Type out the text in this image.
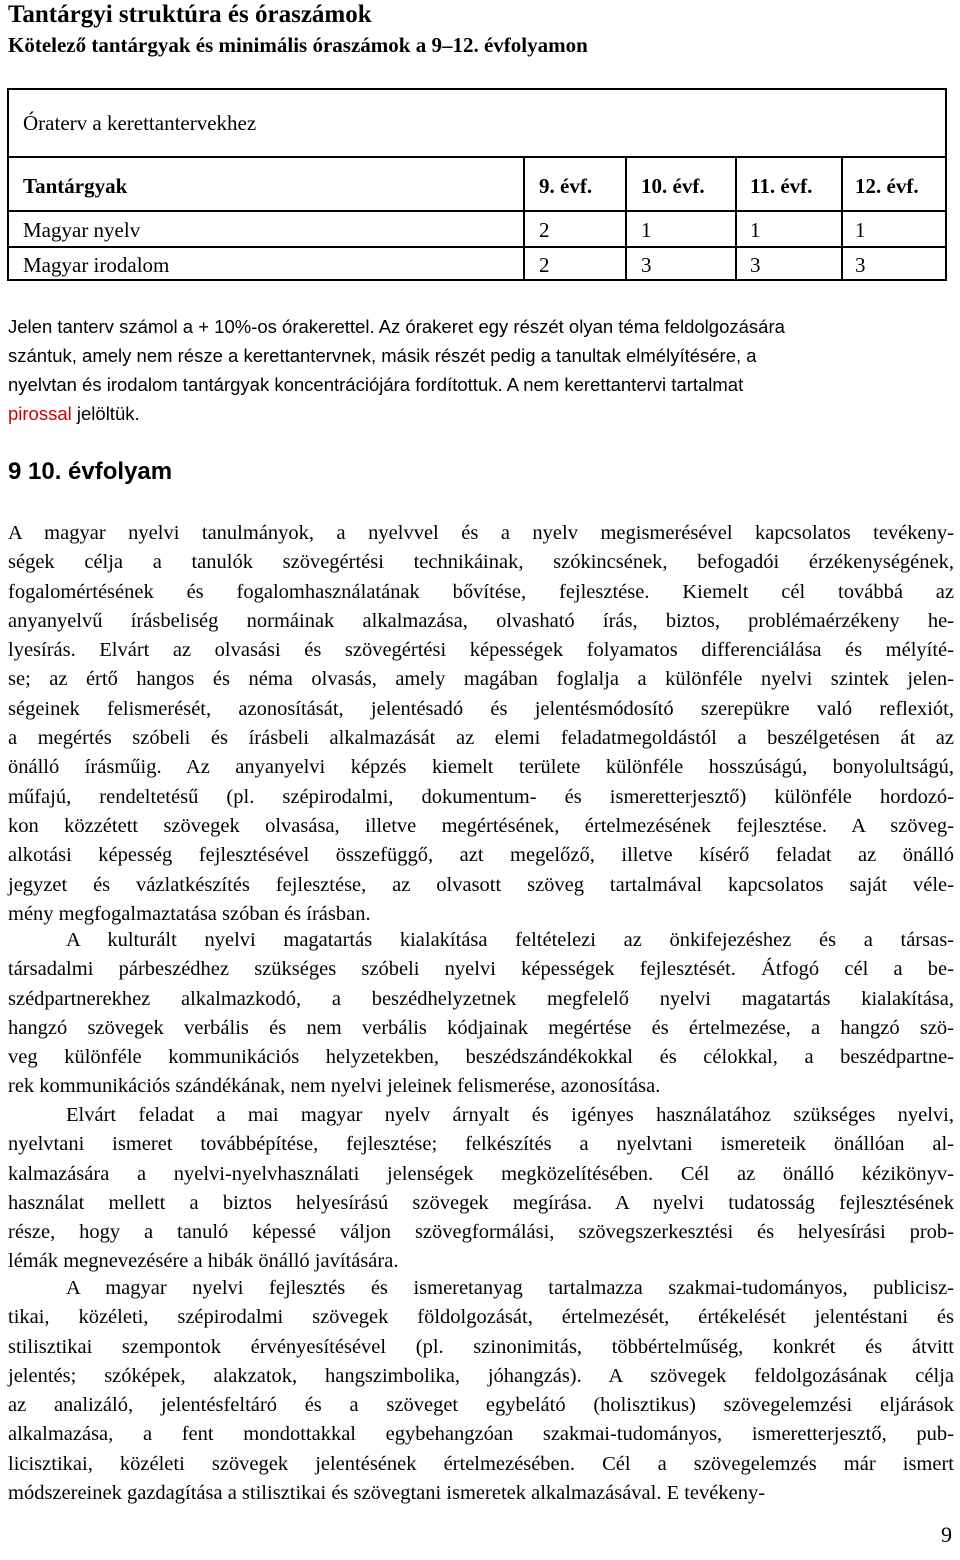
Tantárgyi struktúra és óraszámok
Kötelező tantárgyak és minimális óraszámok a 9–12. évfolyamon
Óraterv a kerettantervekhez
Tantárgyak	9. évf. 10. évf. 11. évf. 12. évf.
Magyar nyelv	2	1	1	1
Magyar irodalom	2	3	3	3
Jelen tanterv számol a + 10%-os órakerettel. Az órakeret egy részét olyan téma feldolgozására
szántuk, amely nem része a kerettantervnek, másik részét pedig a tanultak elmélyítésére, a
nyelvtan és irodalom tantárgyak koncentrációjára fordítottuk. A nem kerettantervi tartalmat
pirossal jelöltük.
9 10. évfolyam
A magyar nyelvi tanulmányok, a nyelvvel és a nyelv megismerésével kapcsolatos tevékeny-
ségek célja a tanulók szövegértési technikáinak, szókincsének, befogadói érzékenységének,
fogalomértésének és fogalomhasználatának bővítése, fejlesztése. Kiemelt cél továbbá az
anyanyelvű írásbeliség normáinak alkalmazása, olvasható írás, biztos, problémaérzékeny he-
lyesírás. Elvárt az olvasási és szövegértési képességek folyamatos differenciálása és mélyíté-
se; az értő hangos és néma olvasás, amely magában foglalja a különféle nyelvi szintek jelen-
ségeinek felismerését, azonosítását, jelentésadó és jelentésmódosító szerepükre való reflexiót,
a megértés szóbeli és írásbeli alkalmazását az elemi feladatmegoldástól a beszélgetésen át az
önálló írásműig. Az anyanyelvi képzés kiemelt területe különféle hosszúságú, bonyolultságú,
műfajú, rendeltetésű (pl. szépirodalmi, dokumentum- és ismeretterjesztő) különféle hordozó-
kon közzétett szövegek olvasása, illetve megértésének, értelmezésének fejlesztése. A szöveg-
alkotási képesség fejlesztésével összefüggő, azt megelőző, illetve kísérő feladat az önálló
jegyzet és vázlatkészítés fejlesztése, az olvasott szöveg tartalmával kapcsolatos saját véle-
mény megfogalmaztatása szóban és írásban.
A kulturált nyelvi magatartás kialakítása feltételezi az önkifejezéshez és a társas-
társadalmi párbeszédhez szükséges szóbeli nyelvi képességek fejlesztését. Átfogó cél a be-
szédpartnerekhez alkalmazkodó, a beszédhelyzetnek megfelelő nyelvi magatartás kialakítása,
hangzó szövegek verbális és nem verbális kódjainak megértése és értelmezése, a hangzó szö-
veg különféle kommunikációs helyzetekben, beszédszándékokkal és célokkal, a beszédpartne-
rek kommunikációs szándékának, nem nyelvi jeleinek felismerése, azonosítása.
Elvárt feladat a mai magyar nyelv árnyalt és igényes használatához szükséges nyelvi,
nyelvtani ismeret továbbépítése, fejlesztése; felkészítés a nyelvtani ismereteik önállóan al-
kalmazására a nyelvi-nyelvhasználati jelenségek megközelítésében. Cél az önálló kézikönyv-
használat mellett a biztos helyesírású szövegek megírása. A nyelvi tudatosság fejlesztésének
része, hogy a tanuló képessé váljon szövegformálási, szövegszerkesztési és helyesírási prob-
lémák megnevezésére a hibák önálló javítására.
A magyar nyelvi fejlesztés és ismeretanyag tartalmazza szakmai-tudományos, publicisz-
tikai, közéleti, szépirodalmi szövegek földolgozását, értelmezését, értékelését jelentéstani és
stilisztikai szempontok érvényesítésével (pl. szinonimitás, többértelműség, konkrét és átvitt
jelentés; szóképek, alakzatok, hangszimbolika, jóhangzás). A szövegek feldolgozásának célja
az analizáló, jelentésfeltáró és a szöveget egybelátó (holisztikus) szövegelemzési eljárások
alkalmazása, a fent mondottakkal egybehangzóan szakmai-tudományos, ismeretterjesztő, pub-
licisztikai, közéleti szövegek jelentésének értelmezésében. Cél a szövegelemzés már ismert
módszereinek gazdagítása a stilisztikai és szövegtani ismeretek alkalmazásával. E tevékeny-
9
